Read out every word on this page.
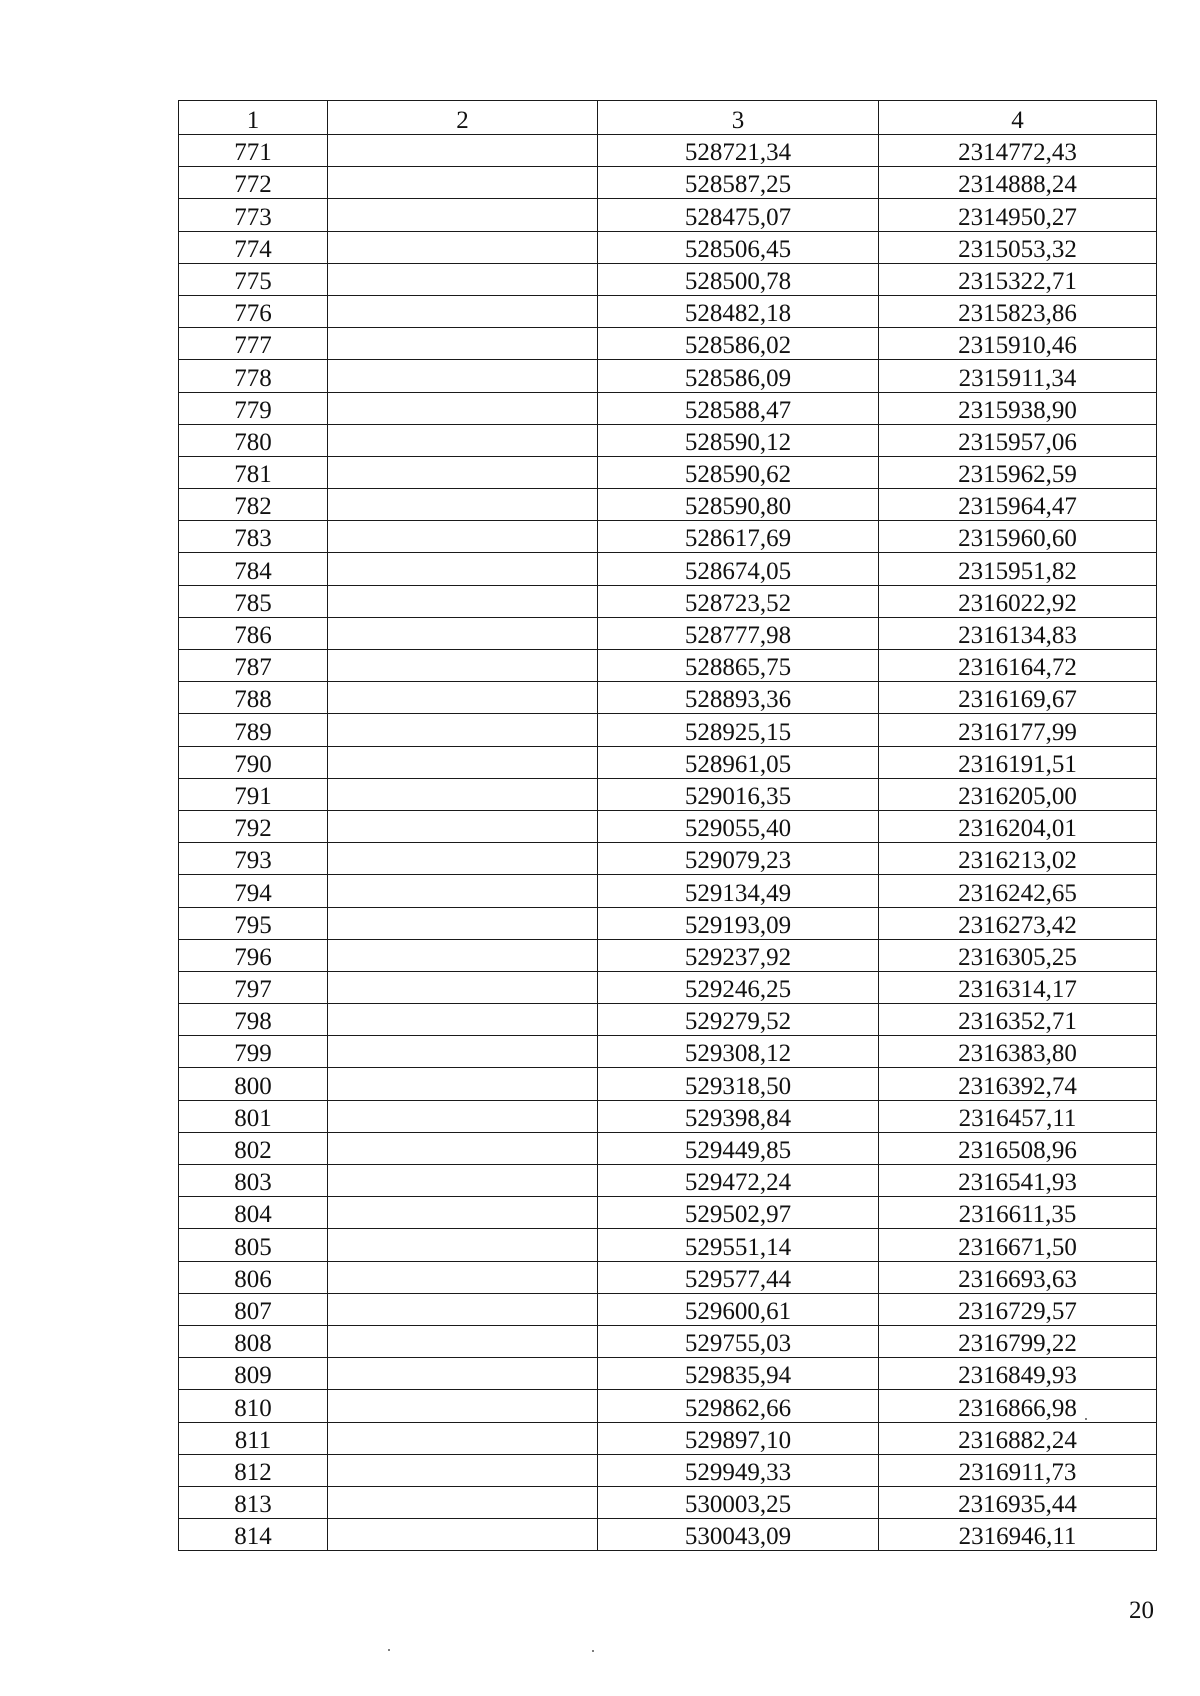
1	2	3	4
771		528721,34	2314772,43
772		528587,25	2314888,24
773		528475,07	2314950,27
774		528506,45	2315053,32
775		528500,78	2315322,71
776		528482,18	2315823,86
777		528586,02	2315910,46
778		528586,09	2315911,34
779		528588,47	2315938,90
780		528590,12	2315957,06
781		528590,62	2315962,59
782		528590,80	2315964,47
783		528617,69	2315960,60
784		528674,05	2315951,82
785		528723,52	2316022,92
786		528777,98	2316134,83
787		528865,75	2316164,72
788		528893,36	2316169,67
789		528925,15	2316177,99
790		528961,05	2316191,51
791		529016,35	2316205,00
792		529055,40	2316204,01
793		529079,23	2316213,02
794		529134,49	2316242,65
795		529193,09	2316273,42
796		529237,92	2316305,25
797		529246,25	2316314,17
798		529279,52	2316352,71
799		529308,12	2316383,80
800		529318,50	2316392,74
801		529398,84	2316457,11
802		529449,85	2316508,96
803		529472,24	2316541,93
804		529502,97	2316611,35
805		529551,14	2316671,50
806		529577,44	2316693,63
807		529600,61	2316729,57
808		529755,03	2316799,22
809		529835,94	2316849,93
810		529862,66	2316866,98
811		529897,10	2316882,24
812		529949,33	2316911,73
813		530003,25	2316935,44
814		530043,09	2316946,11
20
